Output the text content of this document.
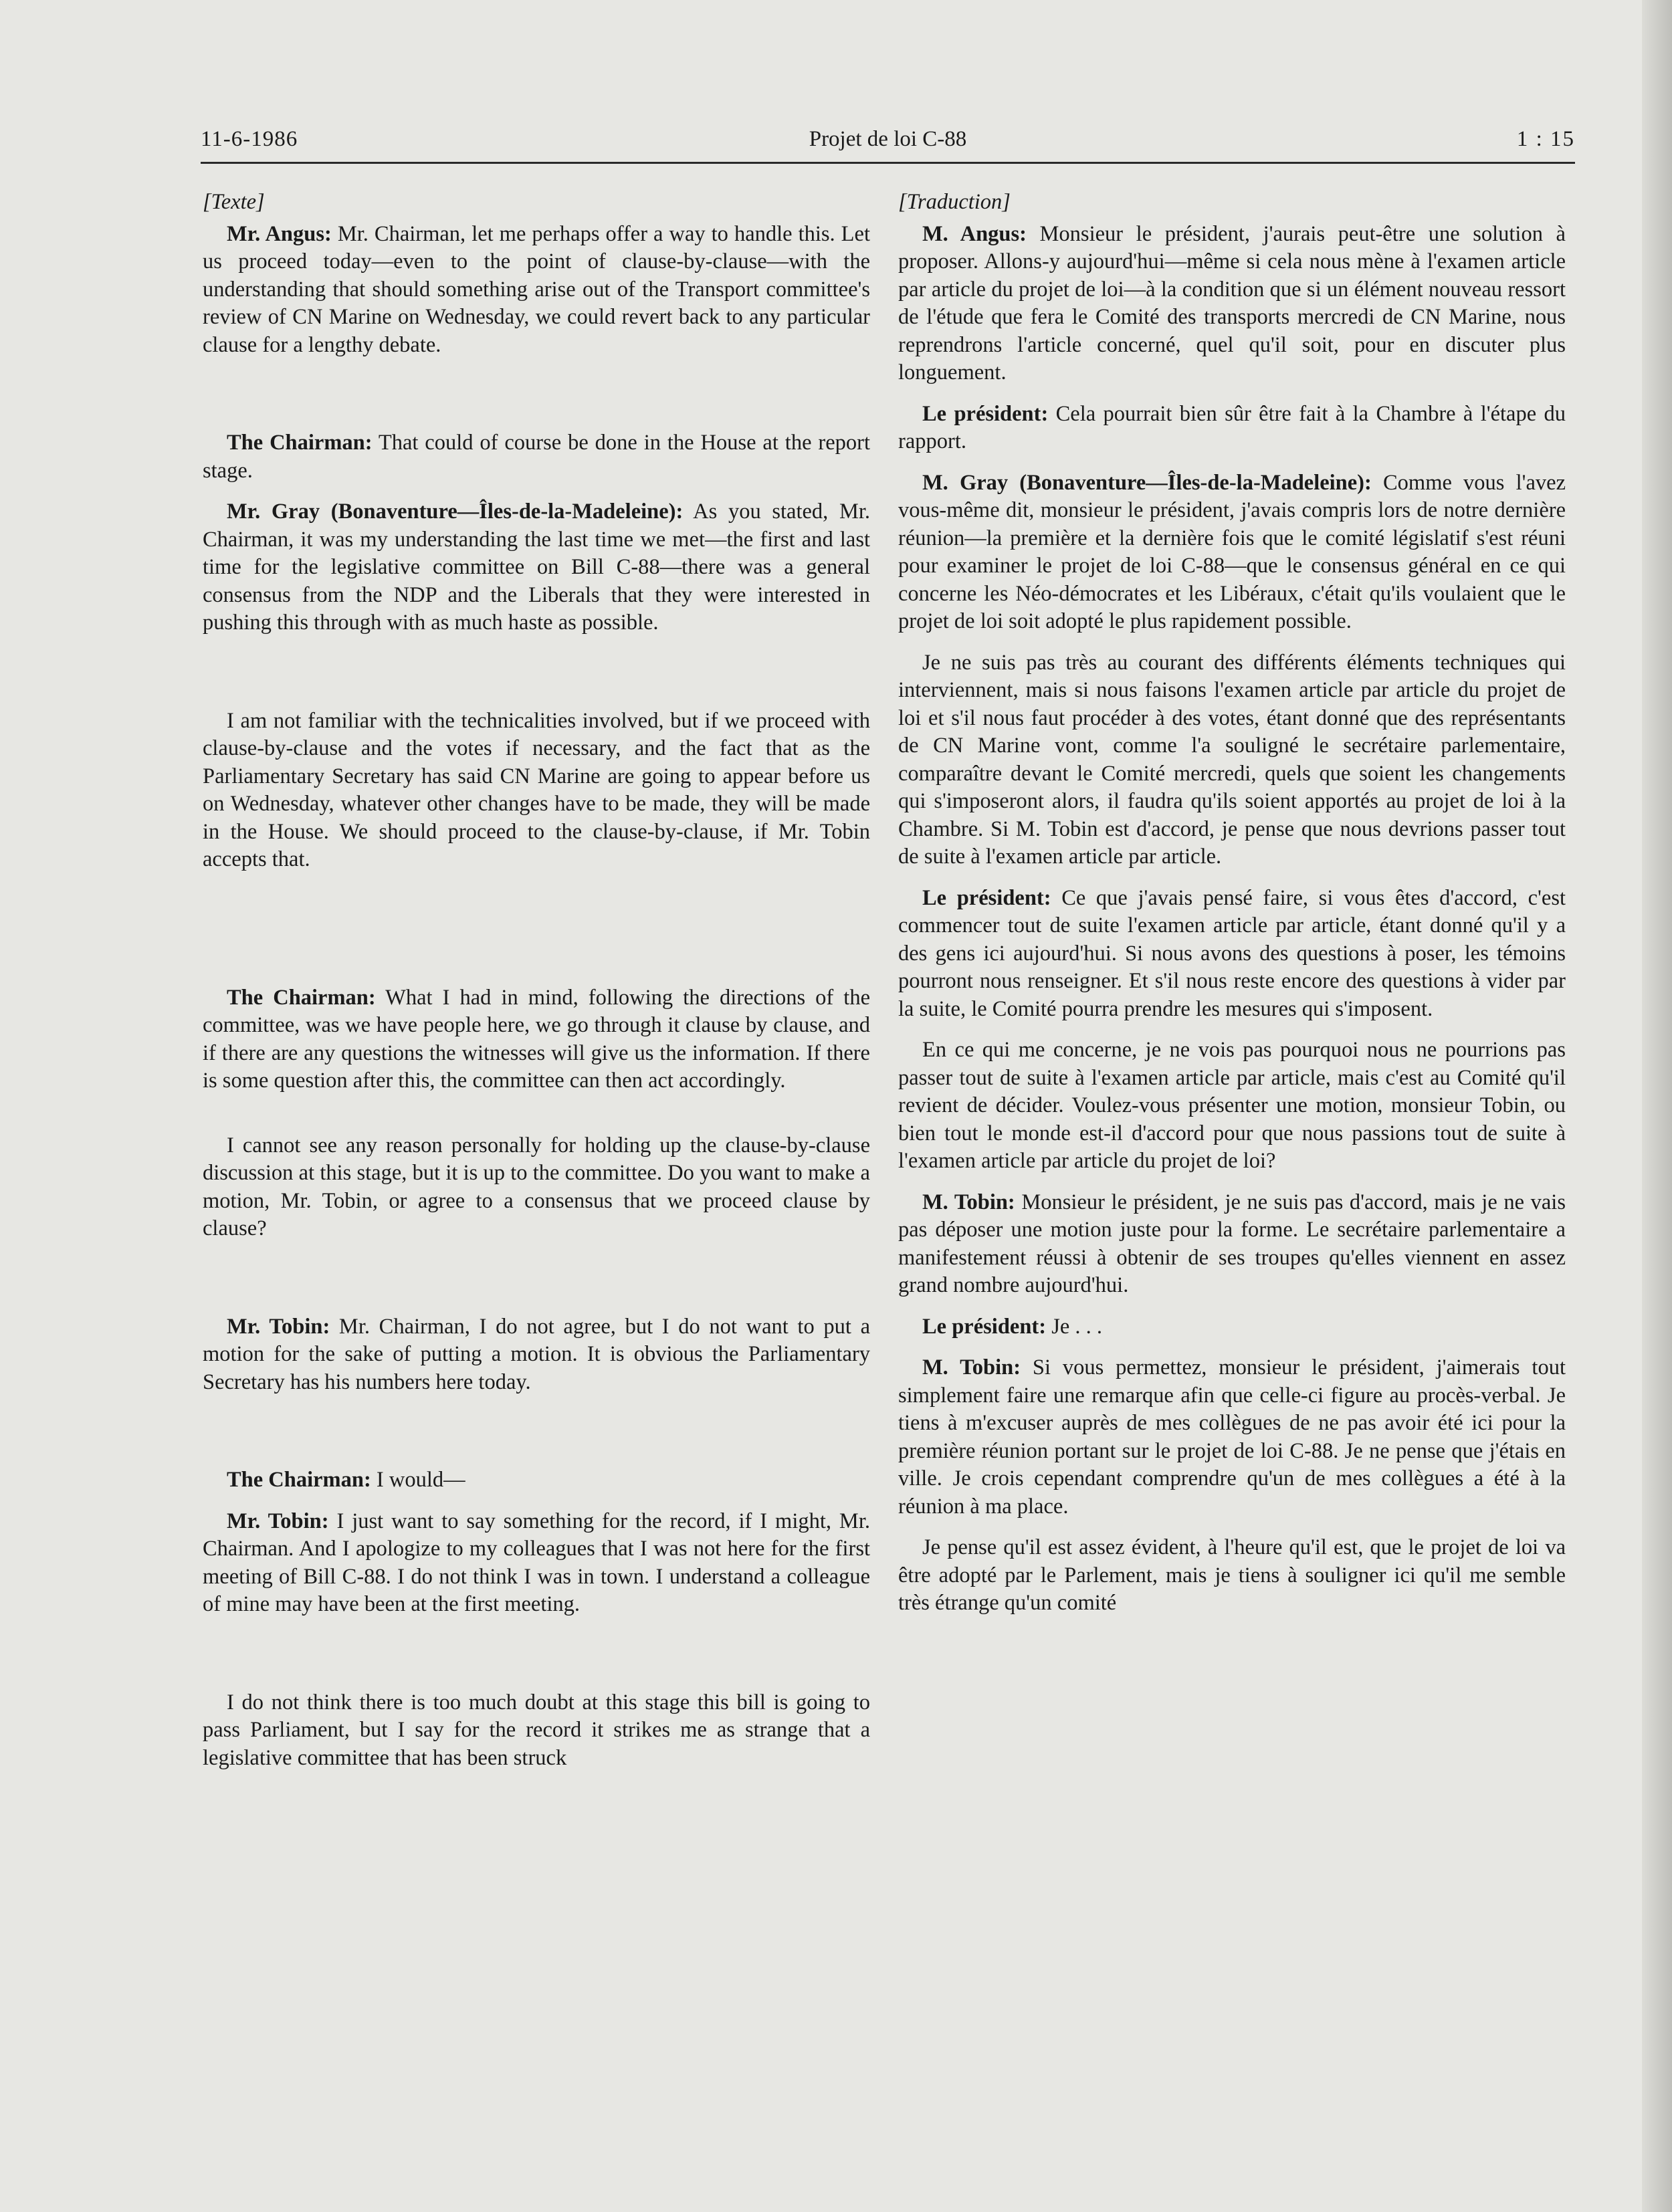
11-6-1986	Projet de loi C-88	1 : 15
[Texte]

Mr. Angus: Mr. Chairman, let me perhaps offer a way to handle this. Let us proceed today—even to the point of clause-by-clause—with the understanding that should something arise out of the Transport committee's review of CN Marine on Wednesday, we could revert back to any particular clause for a lengthy debate.

The Chairman: That could of course be done in the House at the report stage.

Mr. Gray (Bonaventure—Îles-de-la-Madeleine): As you stated, Mr. Chairman, it was my understanding the last time we met—the first and last time for the legislative committee on Bill C-88—there was a general consensus from the NDP and the Liberals that they were interested in pushing this through with as much haste as possible.

I am not familiar with the technicalities involved, but if we proceed with clause-by-clause and the votes if necessary, and the fact that as the Parliamentary Secretary has said CN Marine are going to appear before us on Wednesday, whatever other changes have to be made, they will be made in the House. We should proceed to the clause-by-clause, if Mr. Tobin accepts that.

The Chairman: What I had in mind, following the directions of the committee, was we have people here, we go through it clause by clause, and if there are any questions the witnesses will give us the information. If there is some question after this, the committee can then act accordingly.

I cannot see any reason personally for holding up the clause-by-clause discussion at this stage, but it is up to the committee. Do you want to make a motion, Mr. Tobin, or agree to a consensus that we proceed clause by clause?

Mr. Tobin: Mr. Chairman, I do not agree, but I do not want to put a motion for the sake of putting a motion. It is obvious the Parliamentary Secretary has his numbers here today.

The Chairman: I would—

Mr. Tobin: I just want to say something for the record, if I might, Mr. Chairman. And I apologize to my colleagues that I was not here for the first meeting of Bill C-88. I do not think I was in town. I understand a colleague of mine may have been at the first meeting.

I do not think there is too much doubt at this stage this bill is going to pass Parliament, but I say for the record it strikes me as strange that a legislative committee that has been struck

[Traduction]

M. Angus: Monsieur le président, j'aurais peut-être une solution à proposer. Allons-y aujourd'hui—même si cela nous mène à l'examen article par article du projet de loi—à la condition que si un élément nouveau ressort de l'étude que fera le Comité des transports mercredi de CN Marine, nous reprendrons l'article concerné, quel qu'il soit, pour en discuter plus longuement.

Le président: Cela pourrait bien sûr être fait à la Chambre à l'étape du rapport.

M. Gray (Bonaventure—Îles-de-la-Madeleine): Comme vous l'avez vous-même dit, monsieur le président, j'avais compris lors de notre dernière réunion—la première et la dernière fois que le comité législatif s'est réuni pour examiner le projet de loi C-88—que le consensus général en ce qui concerne les Néo-démocrates et les Libéraux, c'était qu'ils voulaient que le projet de loi soit adopté le plus rapidement possible.

Je ne suis pas très au courant des différents éléments techniques qui interviennent, mais si nous faisons l'examen article par article du projet de loi et s'il nous faut procéder à des votes, étant donné que des représentants de CN Marine vont, comme l'a souligné le secrétaire parlementaire, comparaître devant le Comité mercredi, quels que soient les changements qui s'imposeront alors, il faudra qu'ils soient apportés au projet de loi à la Chambre. Si M. Tobin est d'accord, je pense que nous devrions passer tout de suite à l'examen article par article.

Le président: Ce que j'avais pensé faire, si vous êtes d'accord, c'est commencer tout de suite l'examen article par article, étant donné qu'il y a des gens ici aujourd'hui. Si nous avons des questions à poser, les témoins pourront nous renseigner. Et s'il nous reste encore des questions à vider par la suite, le Comité pourra prendre les mesures qui s'imposent.

En ce qui me concerne, je ne vois pas pourquoi nous ne pourrions pas passer tout de suite à l'examen article par article, mais c'est au Comité qu'il revient de décider. Voulez-vous présenter une motion, monsieur Tobin, ou bien tout le monde est-il d'accord pour que nous passions tout de suite à l'examen article par article du projet de loi?

M. Tobin: Monsieur le président, je ne suis pas d'accord, mais je ne vais pas déposer une motion juste pour la forme. Le secrétaire parlementaire a manifestement réussi à obtenir de ses troupes qu'elles viennent en assez grand nombre aujourd'hui.

Le président: Je . . .

M. Tobin: Si vous permettez, monsieur le président, j'aimerais tout simplement faire une remarque afin que celle-ci figure au procès-verbal. Je tiens à m'excuser auprès de mes collègues de ne pas avoir été ici pour la première réunion portant sur le projet de loi C-88. Je ne pense que j'étais en ville. Je crois cependant comprendre qu'un de mes collègues a été à la réunion à ma place.

Je pense qu'il est assez évident, à l'heure qu'il est, que le projet de loi va être adopté par le Parlement, mais je tiens à souligner ici qu'il me semble très étrange qu'un comité
